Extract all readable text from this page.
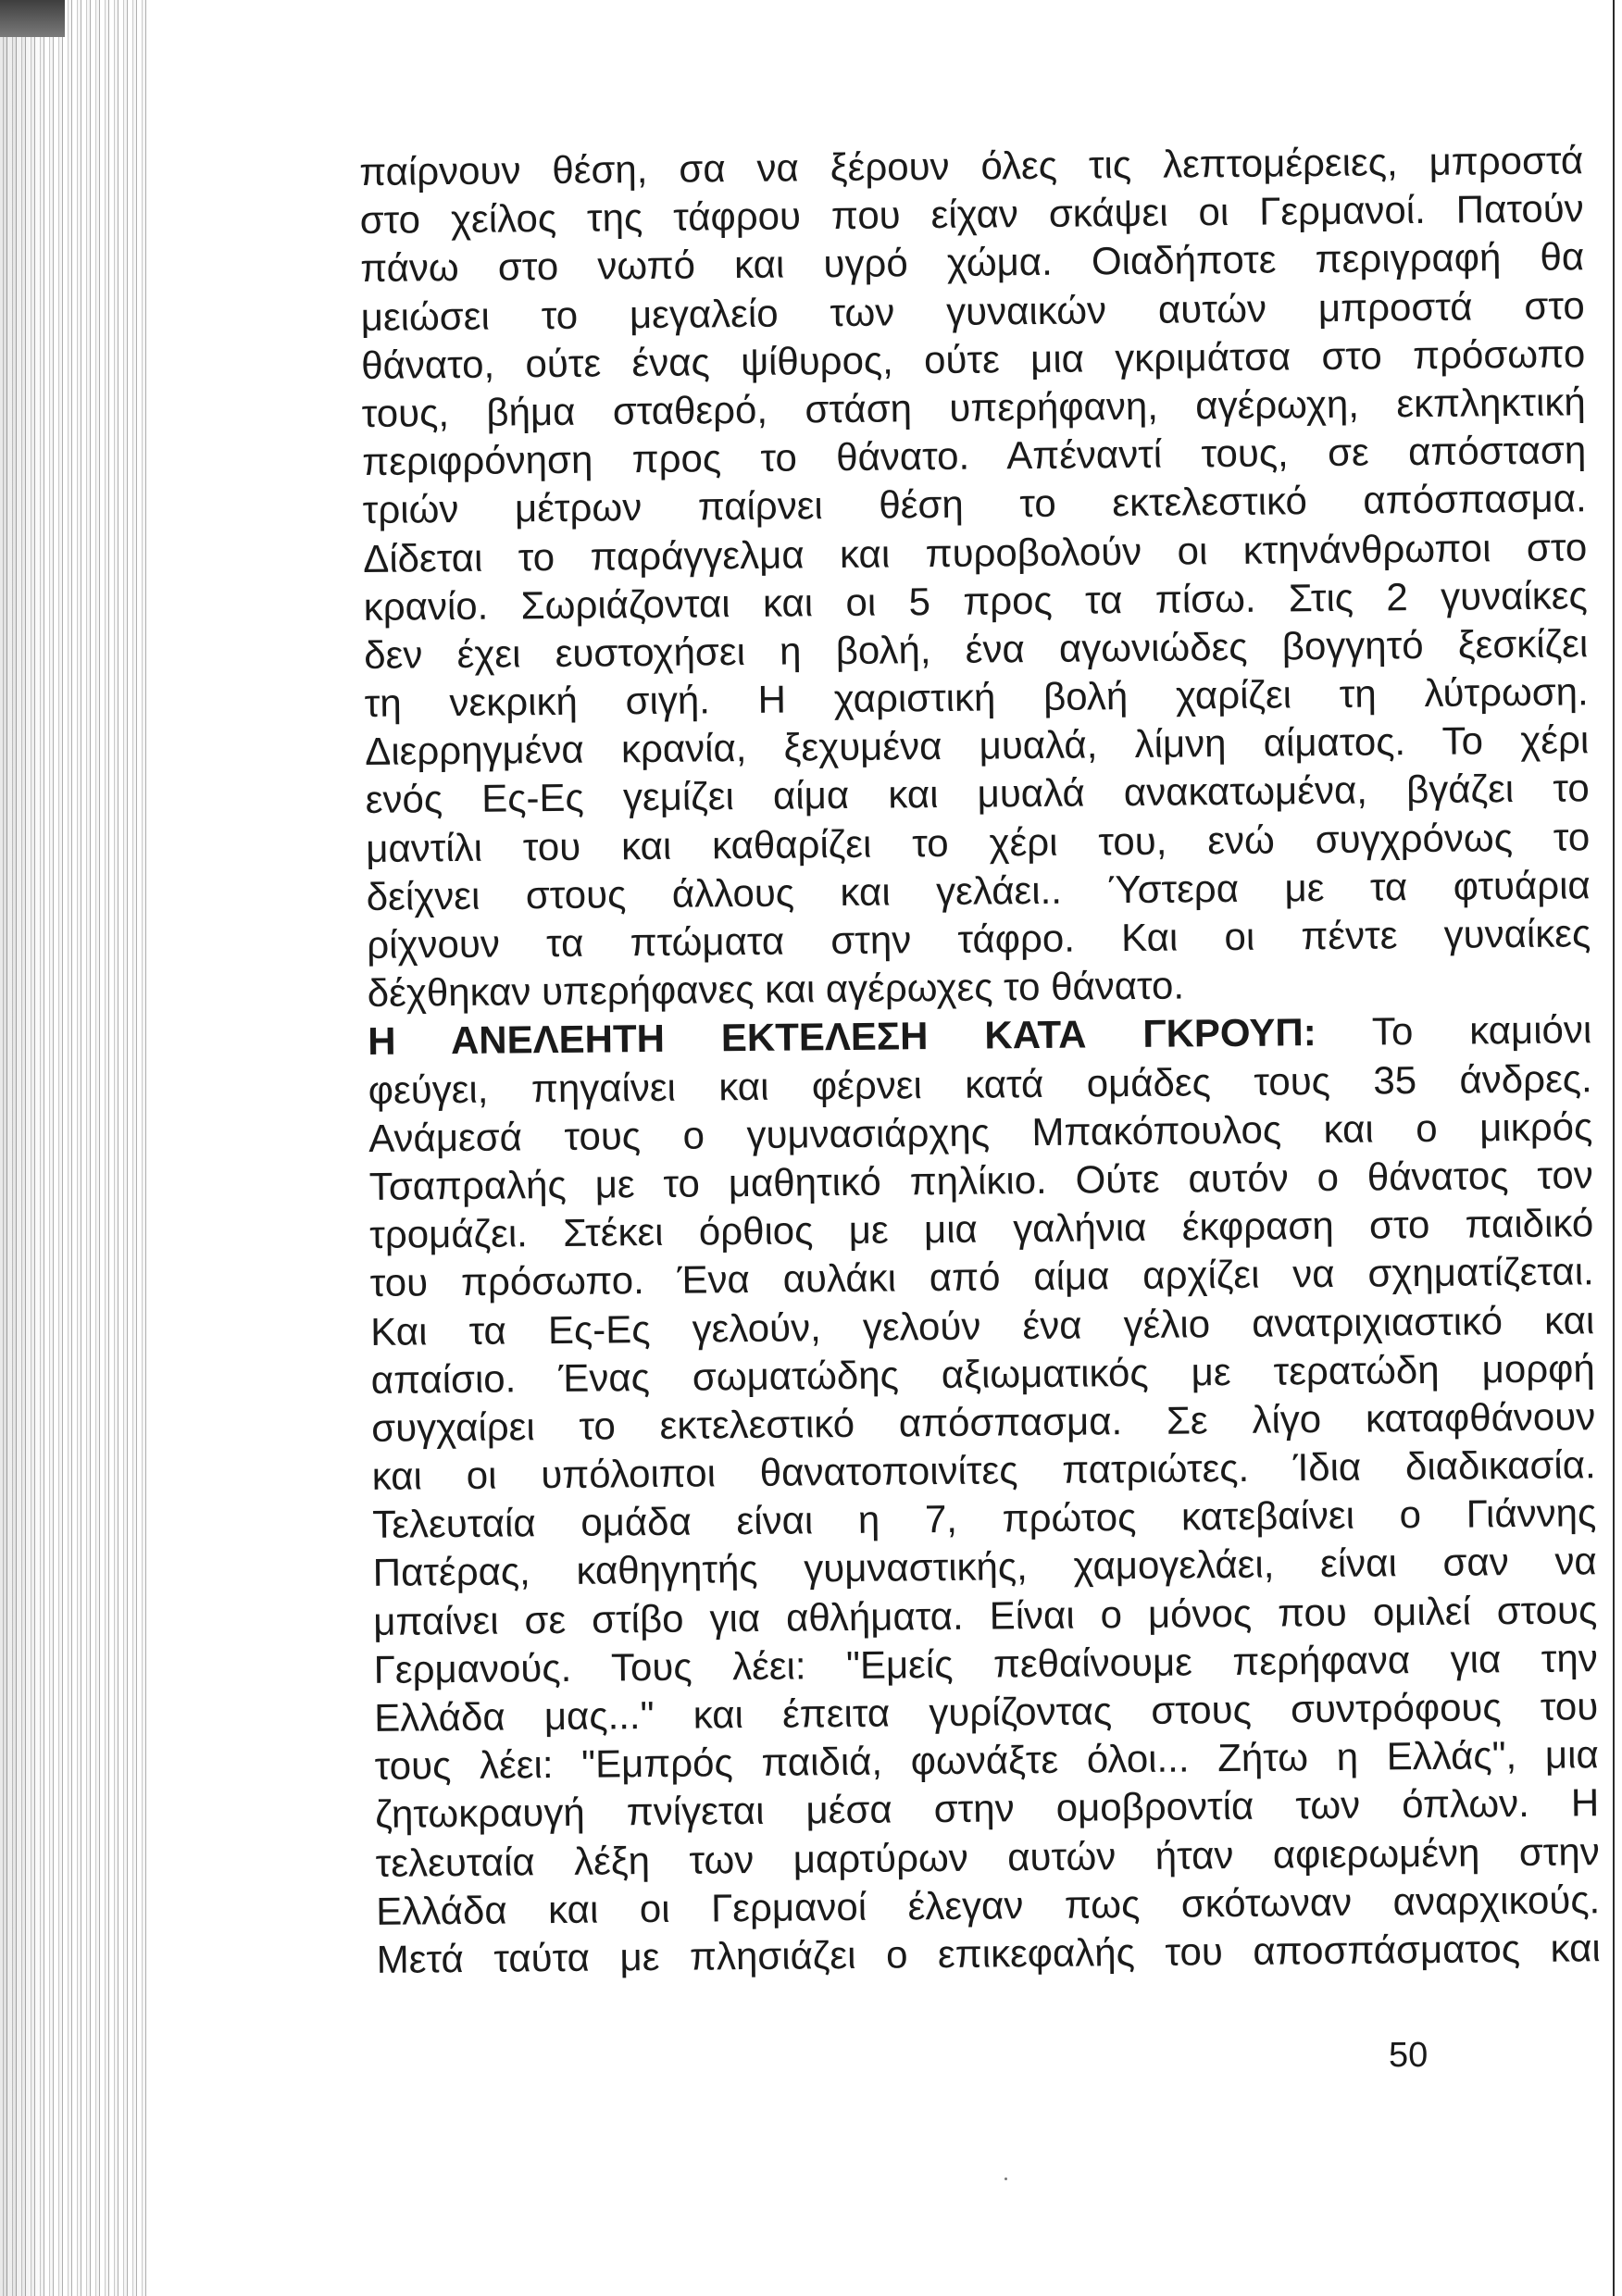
παίρνουν θέση, σα να ξέρουν όλες τις λεπτομέρειες, μπροστά
στο χείλος της τάφρου που είχαν σκάψει οι Γερμανοί. Πατούν
πάνω στο νωπό και υγρό χώμα. Οιαδήποτε περιγραφή θα
μειώσει το μεγαλείο των γυναικών αυτών μπροστά στο
θάνατο, ούτε ένας ψίθυρος, ούτε μια γκριμάτσα στο πρόσωπο
τους, βήμα σταθερό, στάση υπερήφανη, αγέρωχη, εκπληκτική
περιφρόνηση προς το θάνατο. Απέναντί τους, σε απόσταση
τριών μέτρων παίρνει θέση το εκτελεστικό απόσπασμα.
Δίδεται το παράγγελμα και πυροβολούν οι κτηνάνθρωποι στο
κρανίο. Σωριάζονται και οι 5 προς τα πίσω. Στις 2 γυναίκες
δεν έχει ευστοχήσει η βολή, ένα αγωνιώδες βογγητό ξεσκίζει
τη νεκρική σιγή. Η χαριστική βολή χαρίζει τη λύτρωση.
Διερρηγμένα κρανία, ξεχυμένα μυαλά, λίμνη αίματος. Το χέρι
ενός Ες-Ες γεμίζει αίμα και μυαλά ανακατωμένα, βγάζει το
μαντίλι του και καθαρίζει το χέρι του, ενώ συγχρόνως το
δείχνει στους άλλους και γελάει.. Ύστερα με τα φτυάρια
ρίχνουν τα πτώματα στην τάφρο. Και οι πέντε γυναίκες
δέχθηκαν υπερήφανες και αγέρωχες το θάνατο.
Η ΑΝΕΛΕΗΤΗ ΕΚΤΕΛΕΣΗ ΚΑΤΑ ΓΚΡΟΥΠ: Το καμιόνι
φεύγει, πηγαίνει και φέρνει κατά ομάδες τους 35 άνδρες.
Ανάμεσά τους ο γυμνασιάρχης Μπακόπουλος και ο μικρός
Τσαπραλής με το μαθητικό πηλίκιο. Ούτε αυτόν ο θάνατος τον
τρομάζει. Στέκει όρθιος με μια γαλήνια έκφραση στο παιδικό
του πρόσωπο. Ένα αυλάκι από αίμα αρχίζει να σχηματίζεται.
Και τα Ες-Ες γελούν, γελούν ένα γέλιο ανατριχιαστικό και
απαίσιο. Ένας σωματώδης αξιωματικός με τερατώδη μορφή
συγχαίρει το εκτελεστικό απόσπασμα. Σε λίγο καταφθάνουν
και οι υπόλοιποι θανατοποινίτες πατριώτες. Ίδια διαδικασία.
Τελευταία ομάδα είναι η 7, πρώτος κατεβαίνει ο Γιάννης
Πατέρας, καθηγητής γυμναστικής, χαμογελάει, είναι σαν να
μπαίνει σε στίβο για αθλήματα. Είναι ο μόνος που ομιλεί στους
Γερμανούς. Τους λέει: "Εμείς πεθαίνουμε περήφανα για την
Ελλάδα μας..." και έπειτα γυρίζοντας στους συντρόφους του
τους λέει: "Εμπρός παιδιά, φωνάξτε όλοι... Ζήτω η Ελλάς", μια
ζητωκραυγή πνίγεται μέσα στην ομοβροντία των όπλων. Η
τελευταία λέξη των μαρτύρων αυτών ήταν αφιερωμένη στην
Ελλάδα και οι Γερμανοί έλεγαν πως σκότωναν αναρχικούς.
Μετά ταύτα με πλησιάζει ο επικεφαλής του αποσπάσματος και
50
